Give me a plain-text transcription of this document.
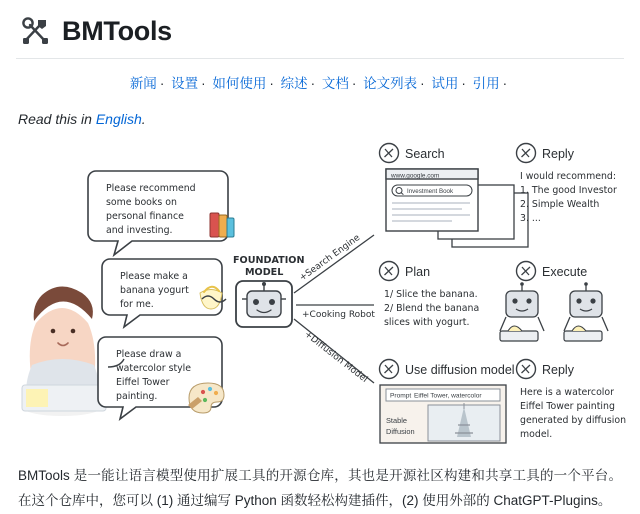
BMTools
新闻 · 设置 · 如何使用 · 综述 · 文档 · 论文列表 · 试用 · 引用 ·
Read this in English.
Please recommend
some books on
personal finance
and investing.
Please make a
banana yogurt
for me.
Please draw a
watercolor style
Eiffel Tower
painting.
FOUNDATION
MODEL +Search Engine
+Cooking Robot
+Diffusion Model
Search
www.google.com
Investment Book
Reply
I would recommend:
1. The good Investor
2. Simple Wealth
3. ...
Plan
1/ Slice the banana.
2/ Blend the banana
slices with yogurt.
Execute
Use diffusion model
Prompt Eiffel Tower, watercolor
Stable
Diffusion
Reply
Here is a watercolor
Eiffel Tower painting
generated by diffusion
model.

BMTools 是一能让语言模型使用扩展工具的开源仓库，其也是开源社区构建和共享工具的一个平台。在这个仓库中，您可以 (1) 通过编写 Python 函数轻松构建插件，(2) 使用外部的 ChatGPT-Plugins。
